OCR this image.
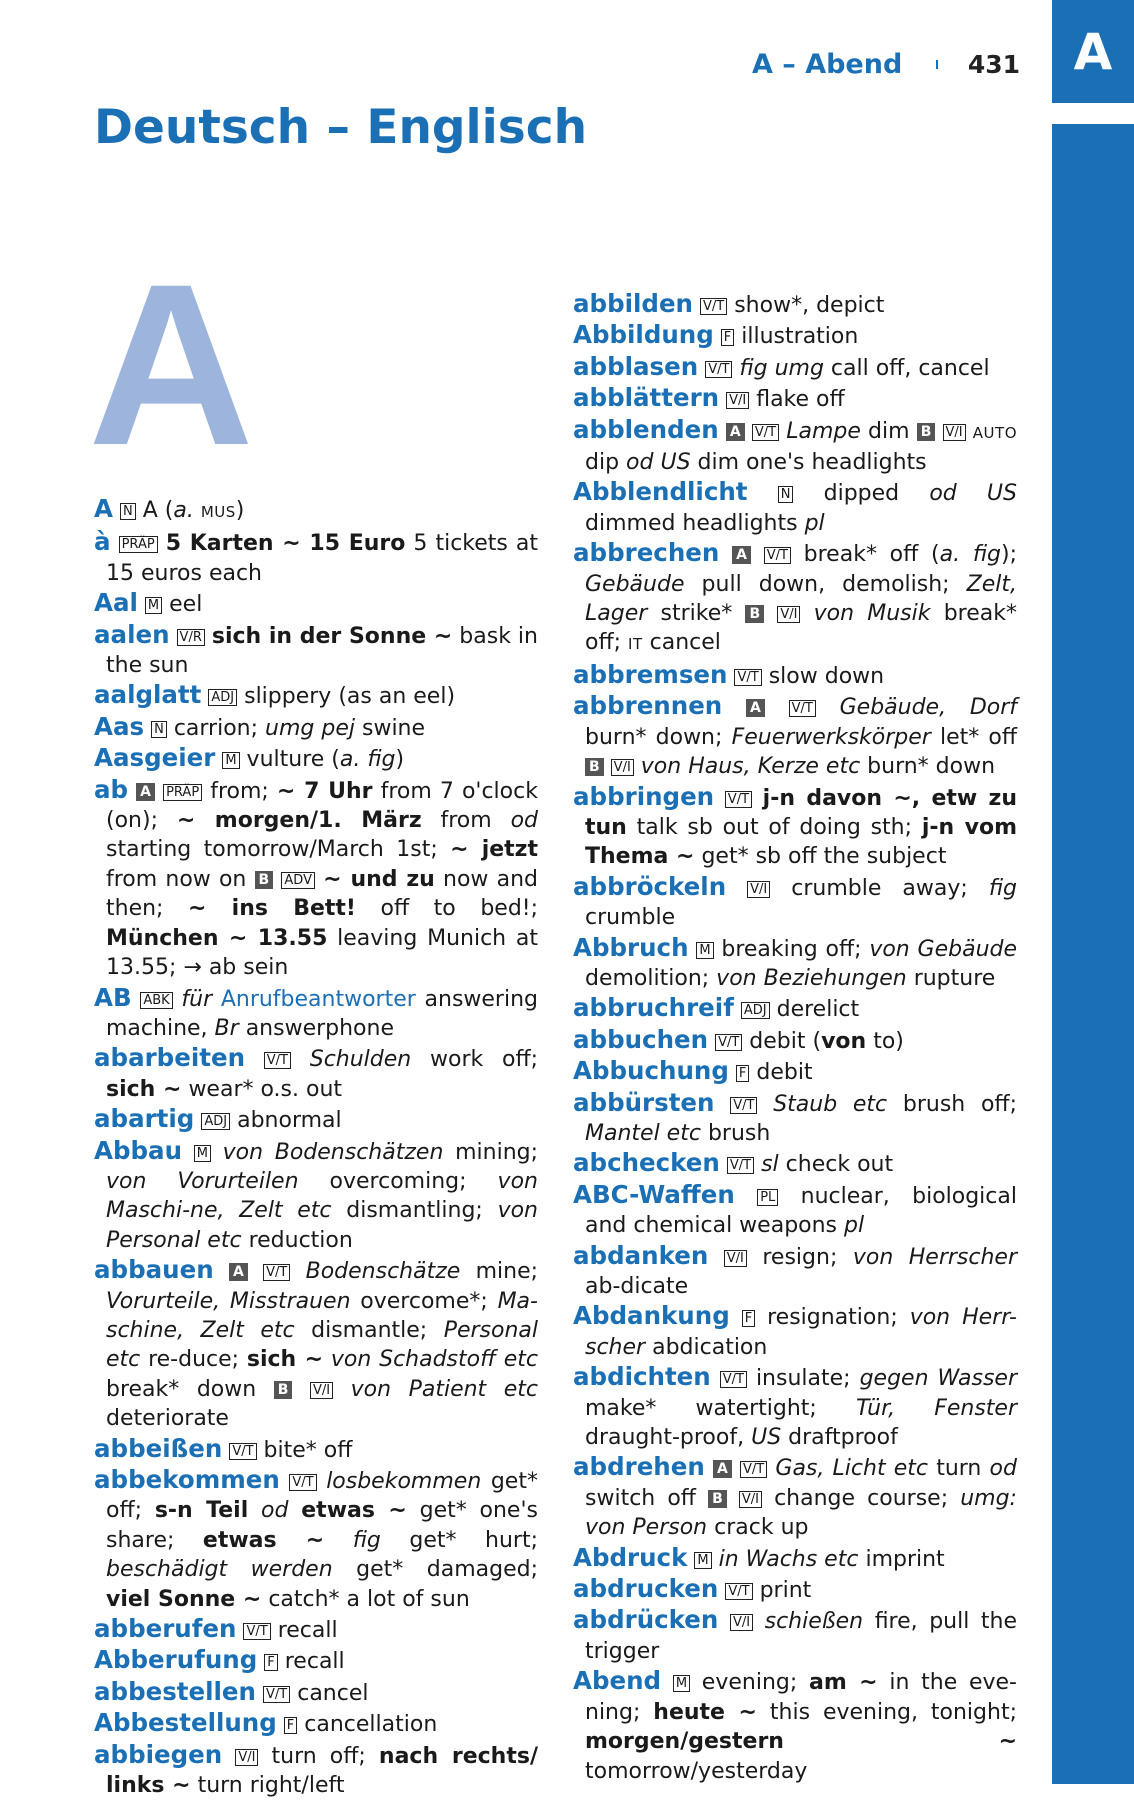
A – Abend	431	A
Deutsch – Englisch
A
A N A (a. MUS)
à PRÄP 5 Karten ~ 15 Euro 5 tickets at 15 euros each
Aal M eel
aalen V/R sich in der Sonne ~ bask in the sun
aalglatt ADJ slippery (as an eel)
Aas N carrion; umg pej swine
Aasgeier M vulture (a. fig)
ab A PRÄP from; ~ 7 Uhr from 7 o'clock (on); ~ morgen/1. März from od starting tomorrow/March 1st; ~ jetzt from now on B ADV ~ und zu now and then; ~ ins Bett! off to bed!; München ~ 13.55 leaving Munich at 13.55; → ab sein
AB ABK für Anrufbeantworter answering machine, Br answerphone
abarbeiten V/T Schulden work off; sich ~ wear* o.s. out
abartig ADJ abnormal
Abbau M von Bodenschätzen mining; von Vorurteilen overcoming; von Maschi-ne, Zelt etc dismantling; von Personal etc reduction
abbauen A V/T Bodenschätze mine; Vorurteile, Misstrauen overcome*; Ma-schine, Zelt etc dismantle; Personal etc re-duce; sich ~ von Schadstoff etc break* down B V/I von Patient etc deteriorate
abbeißen V/T bite* off
abbekommen V/T losbekommen get* off; s-n Teil od etwas ~ get* one's share; etwas ~ fig get* hurt; beschädigt werden get* damaged; viel Sonne ~ catch* a lot of sun
abberufen V/T recall
Abberufung F recall
abbestellen V/T cancel
Abbestellung F cancellation
abbiegen V/I turn off; nach rechts/ links ~ turn right/left
abbilden V/T show*, depict
Abbildung F illustration
abblasen V/T fig umg call off, cancel
abblättern V/I flake off
abblenden A V/T Lampe dim B V/I AUTO dip od US dim one's headlights
Abblendlicht	N dipped od US dimmed headlights pl
abbrechen A V/T break* off (a. fig); Gebäude pull down, demolish; Zelt, Lager strike* B V/I von Musik break* off; IT cancel
abbremsen V/T slow down
abbrennen A V/T Gebäude, Dorf burn* down; Feuerwerkskörper let* off B V/I von Haus, Kerze etc burn* down
abbringen V/T j-n davon ~, etw zu tun talk sb out of doing sth; j-n vom Thema ~ get* sb off the subject
abbröckeln V/I crumble away; fig crumble
Abbruch M breaking off; von Gebäude demolition; von Beziehungen rupture
abbruchreif ADJ derelict
abbuchen V/T debit (von to)
Abbuchung F debit
abbürsten V/T Staub etc brush off; Mantel etc brush
abchecken V/T sl check out
ABC-Waffen PL nuclear, biological and chemical weapons pl
abdanken V/I resign; von Herrscher ab-dicate
Abdankung F resignation; von Herr-scher abdication
abdichten V/T insulate; gegen Wasser make* watertight; Tür, Fenster draught-proof, US draftproof
abdrehen A V/T Gas, Licht etc turn od switch off B V/I change course; umg: von Person crack up
Abdruck M in Wachs etc imprint
abdrucken V/T print
abdrücken V/I schießen fire, pull the trigger
Abend M evening; am ~ in the eve-ning; heute ~ this evening, tonight; morgen/gestern ~ tomorrow/yesterday
